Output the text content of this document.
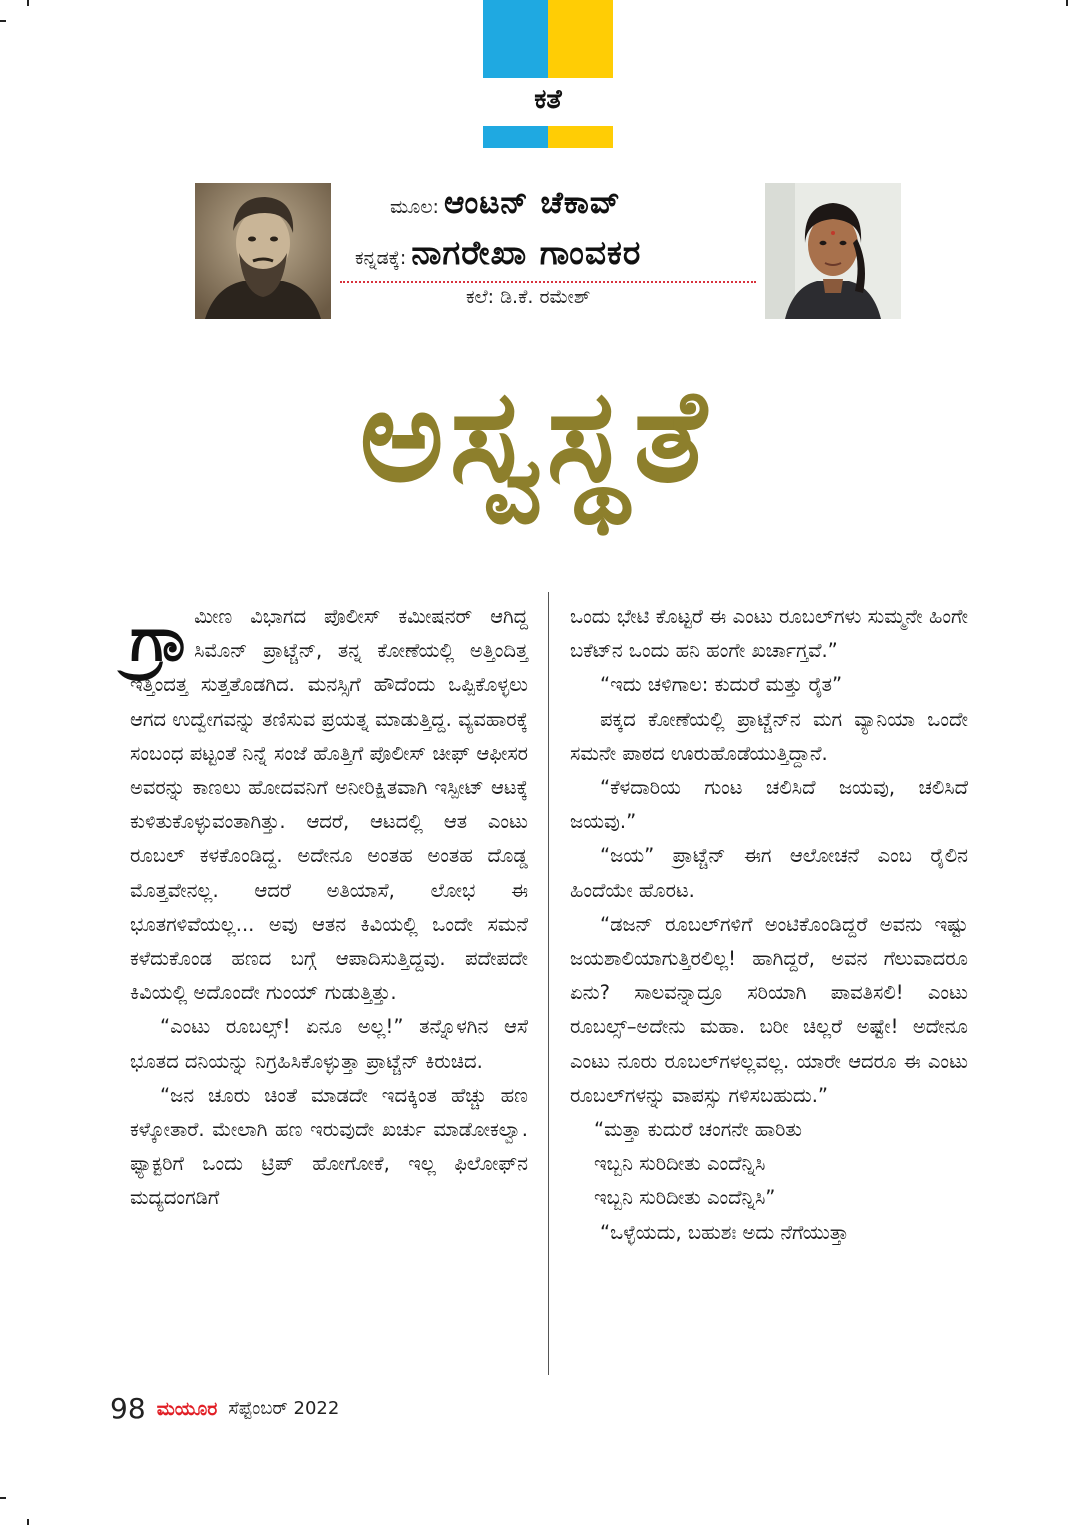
ಕತೆ
ಮೂಲ: ಆಂಟನ್ ಚೆಕಾವ್
ಕನ್ನಡಕ್ಕೆ: ನಾಗರೇಖಾ ಗಾಂವಕರ
ಕಲೆ: ಡಿ.ಕೆ. ರಮೇಶ್
ಅಸ್ವಸ್ಥತೆ

ಗ್ರಾ ಮೀಣ ವಿಭಾಗದ ಪೊಲೀಸ್ ಕಮೀಷನರ್ ಆಗಿದ್ದ ಸಿಮೊನ್ ಪ್ರಾಟ್ಚೆನ್, ತನ್ನ ಕೋಣೆಯಲ್ಲಿ ಅತ್ತಿಂದಿತ್ತ ಇತ್ತಿಂದತ್ತ ಸುತ್ತತೊಡಗಿದ. ಮನಸ್ಸಿಗೆ ಹೌದೆಂದು ಒಪ್ಪಿಕೊಳ್ಳಲು ಆಗದ ಉದ್ವೇಗವನ್ನು ತಣಿಸುವ ಪ್ರಯತ್ನ ಮಾಡುತ್ತಿದ್ದ. ವ್ಯವಹಾರಕ್ಕೆ ಸಂಬಂಧ ಪಟ್ಟಂತೆ ನಿನ್ನೆ ಸಂಜೆ ಹೊತ್ತಿಗೆ ಪೊಲೀಸ್ ಚೀಫ್ ಆಫೀಸರ ಅವರನ್ನು ಕಾಣಲು ಹೋದವನಿಗೆ ಅನೀರಿಕ್ಷಿತವಾಗಿ ಇಸ್ಪೀಟ್ ಆಟಕ್ಕೆ ಕುಳಿತುಕೊಳ್ಳುವಂತಾಗಿತ್ತು. ಆದರೆ, ಆಟದಲ್ಲಿ ಆತ ಎಂಟು ರೂಬಲ್ ಕಳಕೊಂಡಿದ್ದ. ಅದೇನೂ ಅಂತಹ ಅಂತಹ ದೊಡ್ಡ ಮೊತ್ತವೇನಲ್ಲ. ಆದರೆ ಅತಿಯಾಸೆ, ಲೋಭ ಈ ಭೂತಗಳಿವೆಯಲ್ಲ... ಅವು ಆತನ ಕಿವಿಯಲ್ಲಿ ಒಂದೇ ಸಮನೆ ಕಳೆದುಕೊಂಡ ಹಣದ ಬಗ್ಗೆ ಆಪಾದಿಸುತ್ತಿದ್ದವು. ಪದೇಪದೇ ಕಿವಿಯಲ್ಲಿ ಅದೊಂದೇ ಗುಂಯ್ ಗುಡುತ್ತಿತ್ತು.

“ಎಂಟು ರೂಬಲ್ಸ್! ಏನೂ ಅಲ್ಲ!” ತನ್ನೊಳಗಿನ ಆಸೆ ಭೂತದ ದನಿಯನ್ನು ನಿಗ್ರಹಿಸಿಕೊಳ್ಳುತ್ತಾ ಪ್ರಾಟ್ಚೆನ್ ಕಿರುಚಿದ.

“ಜನ ಚೂರು ಚಿಂತೆ ಮಾಡದೇ ಇದಕ್ಕಿಂತ ಹೆಚ್ಚು ಹಣ ಕಳ್ಕೋತಾರೆ. ಮೇಲಾಗಿ ಹಣ ಇರುವುದೇ ಖರ್ಚು ಮಾಡೋಕಲ್ವಾ. ಫ್ಯಾಕ್ಟರಿಗೆ ಒಂದು ಟ್ರಿಪ್ ಹೋಗೋಕೆ, ಇಲ್ಲ ಫಿಲೋಫ್‌ನ ಮದ್ಯದಂಗಡಿಗೆ

ಒಂದು ಭೇಟಿ ಕೊಟ್ಟರೆ ಈ ಎಂಟು ರೂಬಲ್‌ಗಳು ಸುಮ್ಮನೇ ಹಿಂಗೇ ಬಕೆಟ್‌ನ ಒಂದು ಹನಿ ಹಂಗೇ ಖರ್ಚಾಗ್ತವೆ.”

“ಇದು ಚಳಿಗಾಲ: ಕುದುರೆ ಮತ್ತು ರೈತ”

ಪಕ್ಕದ ಕೋಣೆಯಲ್ಲಿ ಪ್ರಾಟ್ಚೆನ್‌ನ ಮಗ ವ್ಯಾನಿಯಾ ಒಂದೇ ಸಮನೇ ಪಾಠದ ಊರುಹೊಡೆಯುತ್ತಿದ್ದಾನೆ.

“ಕೆಳದಾರಿಯ ಗುಂಟ ಚಲಿಸಿದೆ ಜಯವು, ಚಲಿಸಿದೆ ಜಯವು.”

“ಜಯ” ಪ್ರಾಟ್ಚೆನ್ ಈಗ ಆಲೋಚನೆ ಎಂಬ ರೈಲಿನ ಹಿಂದೆಯೇ ಹೊರಟ.

“ಡಜನ್ ರೂಬಲ್‌ಗಳಿಗೆ ಅಂಟಿಕೊಂಡಿದ್ದರೆ ಅವನು ಇಷ್ಟು ಜಯಶಾಲಿಯಾಗುತ್ತಿರಲಿಲ್ಲ! ಹಾಗಿದ್ದರೆ, ಅವನ ಗೆಲುವಾದರೂ ಏನು? ಸಾಲವನ್ನಾದ್ರೂ ಸರಿಯಾಗಿ ಪಾವತಿಸಲಿ! ಎಂಟು ರೂಬಲ್ಸ್–ಅದೇನು ಮಹಾ. ಬರೀ ಚಿಲ್ಲರೆ ಅಷ್ಟೇ! ಅದೇನೂ ಎಂಟು ನೂರು ರೂಬಲ್‌ಗಳಲ್ಲವಲ್ಲ. ಯಾರೇ ಆದರೂ ಈ ಎಂಟು ರೂಬಲ್‌ಗಳನ್ನು ವಾಪಸ್ಸು ಗಳಿಸಬಹುದು.”

“ಮತ್ತಾ ಕುದುರೆ ಚಂಗನೇ ಹಾರಿತು

ಇಬ್ಬನಿ ಸುರಿದೀತು ಎಂದೆನ್ನಿಸಿ

ಇಬ್ಬನಿ ಸುರಿದೀತು ಎಂದೆನ್ನಿಸಿ”

“ಒಳ್ಳೆಯದು, ಬಹುಶಃ ಅದು ನೆಗೆಯುತ್ತಾ

98 ಮಯೂರ ಸೆಪ್ಟೆಂಬರ್ 2022
